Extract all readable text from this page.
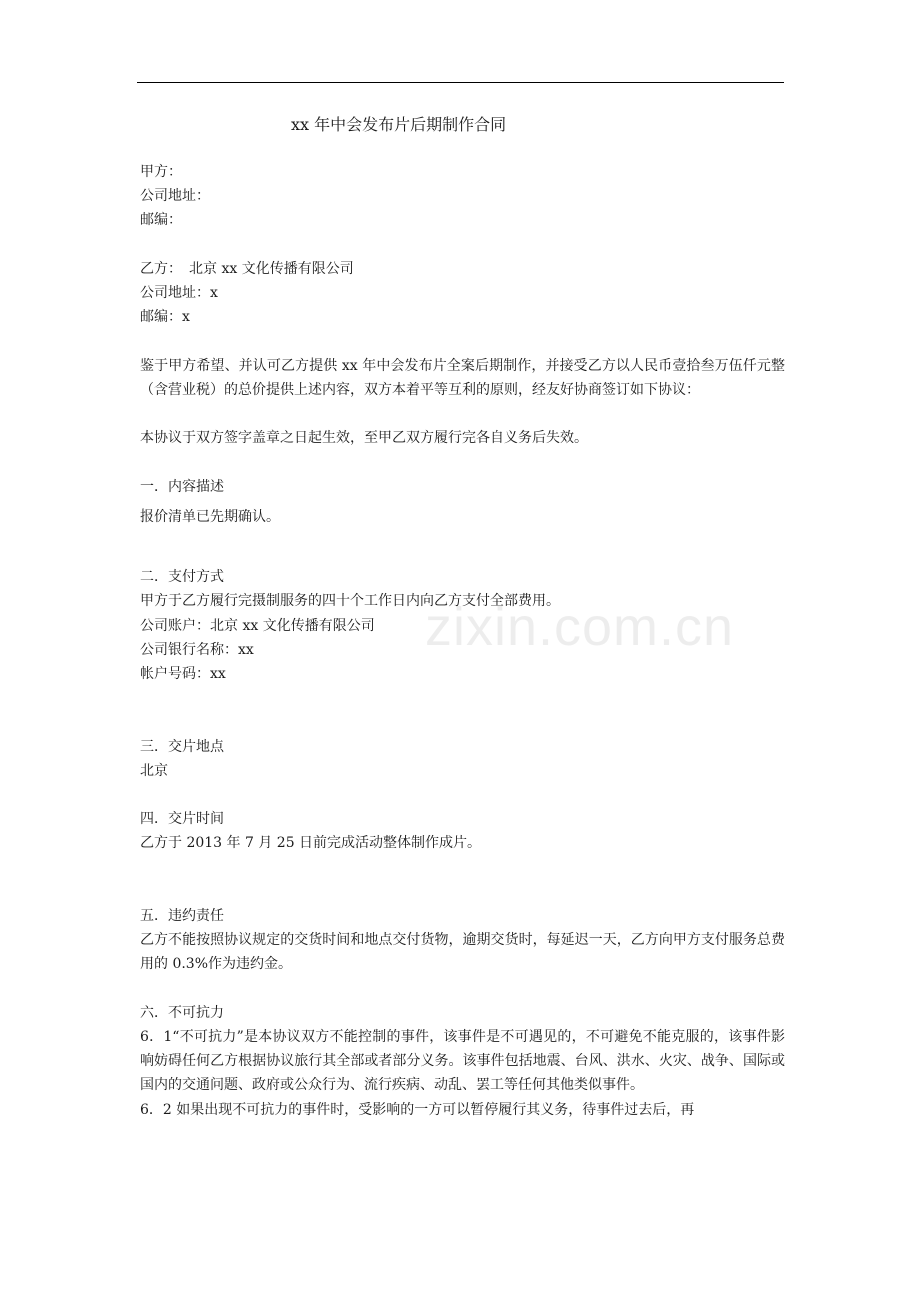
xx 年中会发布片后期制作合同
zixin.com.cn
甲方：
公司地址：
邮编：
乙方：　北京 xx 文化传播有限公司
公司地址：x
邮编：x
鉴于甲方希望、并认可乙方提供 xx 年中会发布片全案后期制作，并接受乙方以人民币壹拾叁万伍仟元整（含营业税）的总价提供上述内容，双方本着平等互利的原则，经友好协商签订如下协议：
本协议于双方签字盖章之日起生效，至甲乙双方履行完各自义务后失效。
一．内容描述
报价清单已先期确认。
二．支付方式
甲方于乙方履行完摄制服务的四十个工作日内向乙方支付全部费用。
公司账户：北京 xx 文化传播有限公司
公司银行名称：xx
帐户号码：xx
三．交片地点
北京
四．交片时间
乙方于 2013 年 7 月 25 日前完成活动整体制作成片。
五．违约责任
乙方不能按照协议规定的交货时间和地点交付货物，逾期交货时，每延迟一天，乙方向甲方支付服务总费用的 0.3%作为违约金。
六．不可抗力
6．1“不可抗力”是本协议双方不能控制的事件，该事件是不可遇见的，不可避免不能克服的，该事件影响妨碍任何乙方根据协议旅行其全部或者部分义务。该事件包括地震、台风、洪水、火灾、战争、国际或国内的交通问题、政府或公众行为、流行疾病、动乱、罢工等任何其他类似事件。
6．2 如果出现不可抗力的事件时，受影响的一方可以暂停履行其义务，待事件过去后，再
